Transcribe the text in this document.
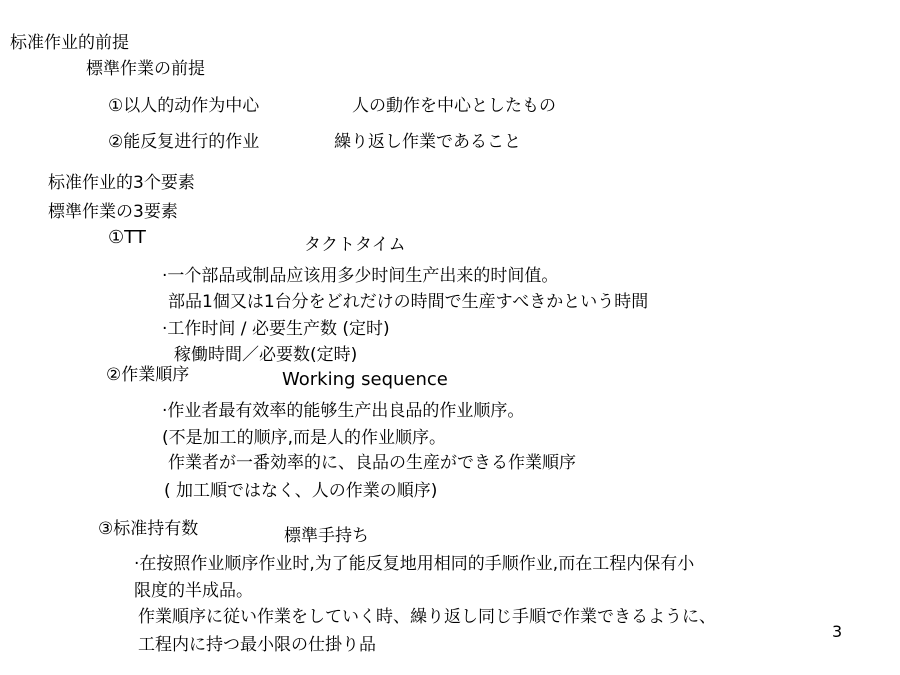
标准作业的前提
標準作業の前提
①以人的动作为中心	人の動作を中心としたもの
②能反复进行的作业	繰り返し作業であること
标准作业的3个要素
標準作業の3要素
①TT	タクトタイム
·一个部品或制品应该用多少时间生产出来的时间值。
部品1個又は1台分をどれだけの時間で生産すべきかという時間
·工作时间 / 必要生产数 (定时)
稼働時間／必要数(定時)
②作業順序	Working sequence
·作业者最有效率的能够生产出良品的作业顺序。
(不是加工的顺序,而是人的作业顺序。
作業者が一番効率的に、良品の生産ができる作業順序
( 加工順ではなく、人の作業の順序)
③标准持有数	標準手持ち
·在按照作业顺序作业时,为了能反复地用相同的手顺作业,而在工程内保有小
限度的半成品。
作業順序に従い作業をしていく時、繰り返し同じ手順で作業できるように、
工程内に持つ最小限の仕掛り品
3
